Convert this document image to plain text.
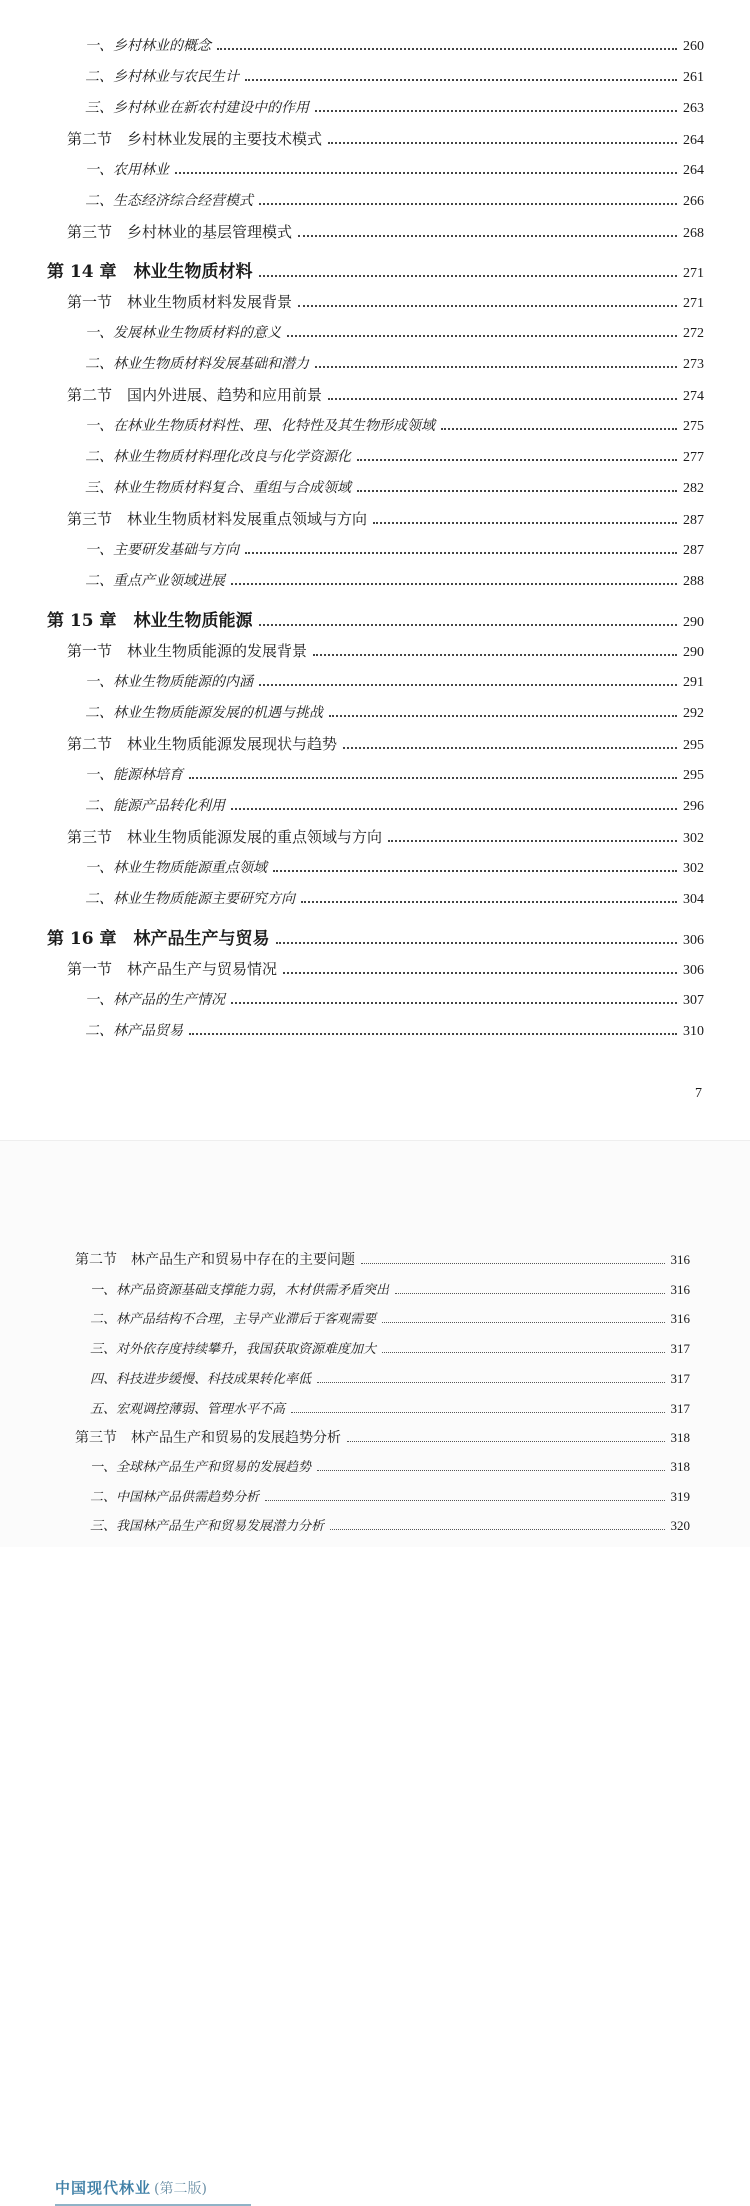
一、乡村林业的概念	260
二、乡村林业与农民生计	261
三、乡村林业在新农村建设中的作用	263
第二节　乡村林业发展的主要技术模式	264
一、农用林业	264
二、生态经济综合经营模式	266
第三节　乡村林业的基层管理模式	268
第 14 章　林业生物质材料	271
第一节　林业生物质材料发展背景	271
一、发展林业生物质材料的意义	272
二、林业生物质材料发展基础和潜力	273
第二节　国内外进展、趋势和应用前景	274
一、在林业生物质材料性、理、化特性及其生物形成领域	275
二、林业生物质材料理化改良与化学资源化	277
三、林业生物质材料复合、重组与合成领域	282
第三节　林业生物质材料发展重点领域与方向	287
一、主要研发基础与方向	287
二、重点产业领域进展	288
第 15 章　林业生物质能源	290
第一节　林业生物质能源的发展背景	290
一、林业生物质能源的内涵	291
二、林业生物质能源发展的机遇与挑战	292
第二节　林业生物质能源发展现状与趋势	295
一、能源林培育	295
二、能源产品转化利用	296
第三节　林业生物质能源发展的重点领域与方向	302
一、林业生物质能源重点领域	302
二、林业生物质能源主要研究方向	304
第 16 章　林产品生产与贸易	306
第一节　林产品生产与贸易情况	306
一、林产品的生产情况	307
二、林产品贸易	310
7
中国现代林业 (第二版)
第二节　林产品生产和贸易中存在的主要问题	316
一、林产品资源基础支撑能力弱，木材供需矛盾突出	316
二、林产品结构不合理，主导产业滞后于客观需要	316
三、对外依存度持续攀升，我国获取资源难度加大	317
四、科技进步缓慢、科技成果转化率低	317
五、宏观调控薄弱、管理水平不高	317
第三节　林产品生产和贸易的发展趋势分析	318
一、全球林产品生产和贸易的发展趋势	318
二、中国林产品供需趋势分析	319
三、我国林产品生产和贸易发展潜力分析	320
